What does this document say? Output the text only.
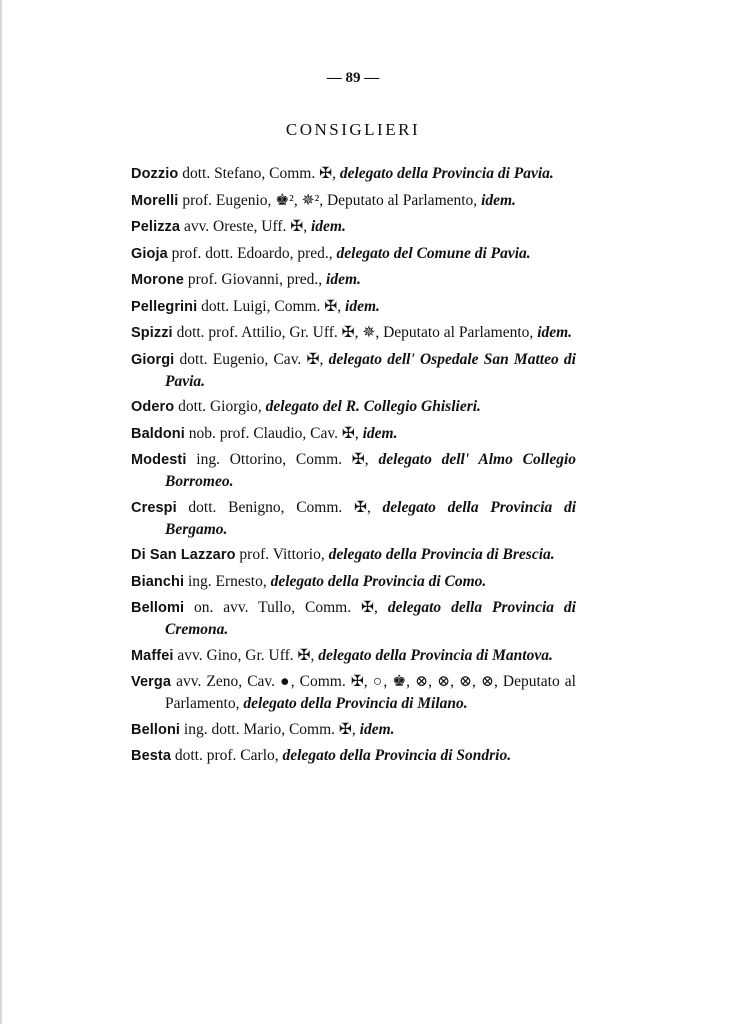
— 89 —
CONSIGLIERI
Dozzio dott. Stefano, Comm. ✠, delegato della Provincia di Pavia.
Morelli prof. Eugenio, ♚², ✵², Deputato al Parlamento, idem.
Pelizza avv. Oreste, Uff. ✠, idem.
Gioja prof. dott. Edoardo, pred., delegato del Comune di Pavia.
Morone prof. Giovanni, pred., idem.
Pellegrini dott. Luigi, Comm. ✠, idem.
Spizzi dott. prof. Attilio, Gr. Uff. ✠, ✵, Deputato al Parlamento, idem.
Giorgi dott. Eugenio, Cav. ✠, delegato dell' Ospedale San Matteo di Pavia.
Odero dott. Giorgio, delegato del R. Collegio Ghislieri.
Baldoni nob. prof. Claudio, Cav. ✠, idem.
Modesti ing. Ottorino, Comm. ✠, delegato dell' Almo Collegio Borromeo.
Crespi dott. Benigno, Comm. ✠, delegato della Provincia di Bergamo.
Di San Lazzaro prof. Vittorio, delegato della Provincia di Brescia.
Bianchi ing. Ernesto, delegato della Provincia di Como.
Bellomi on. avv. Tullo, Comm. ✠, delegato della Provincia di Cremona.
Maffei avv. Gino, Gr. Uff. ✠, delegato della Provincia di Mantova.
Verga avv. Zeno, Cav. ●, Comm. ✠, ○, ♚, ⊗, ⊗, ⊗, ⊗, Deputato al Parlamento, delegato della Provincia di Milano.
Belloni ing. dott. Mario, Comm. ✠, idem.
Besta dott. prof. Carlo, delegato della Provincia di Sondrio.
